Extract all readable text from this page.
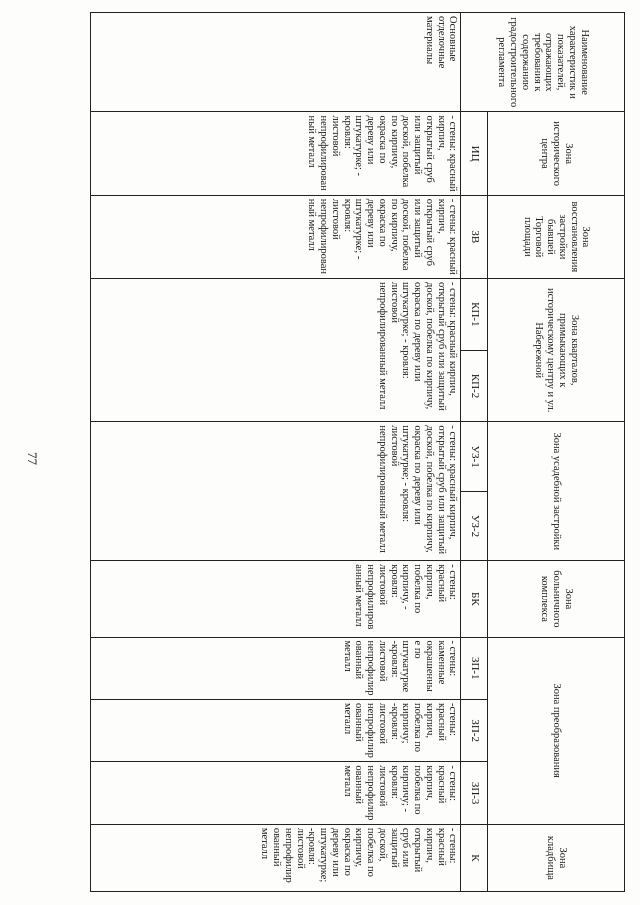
77
Наименование характеристик и показателей, отражающих требования к содержанию градостроительного регламента	Зона исторического центра	Зона восстановления застройки бывшей Торговой площади	Зона кварталов, примыкающих к историческому центру и ул. Набережной		Зона усадебной застройки		Зона больничного комплекса	Зона преобразования			Зона кладбища
	ИЦ	ЗВ	КП-1	КП-2	УЗ-1	УЗ-2	БК	ЗП-1	ЗП-2	ЗП-3	К
Основные отделочные материалы	- стены: красный кирпич, открытый сруб или защитый доской, побелка по кирпичу, окраска по дереву или штукатурке; - кровля: листовой непрофилированный металл	- стены: красный кирпич, открытый сруб или защитый доской, побелка по кирпичу, окраска по дереву или штукатурке; - кровля: листовой непрофилированный металл	- стены: красный кирпич, открытый сруб или защитый доской, побелка по кирпичу, окраска по дереву или штукатурке; - кровля: листовой непрофилированный металл		- стены: красный кирпич, открытый сруб или защитый доской, побелка по кирпичу, окраска по дереву или штукатурке; - кровля: листовой непрофилированный металл		- стены: красный кирпич, побелка по кирпичу, - кровля: листовой непрофилированный металл	- стены: каменные окрашенные по штукатурке -кровля: листовой непрофилированный металл	-стены: красный кирпич, побелка по кирпичу; -кровля: листовой непрофилированный металл	- стены: красный кирпич, побелка по кирпичу; - кровля: листовой непрофилированный металл	- стены: красный кирпич, открытый сруб или защитый доской, побелка по кирпичу, окраска по дереву или штукатурке; -кровля: листовой непрофилированный металл
